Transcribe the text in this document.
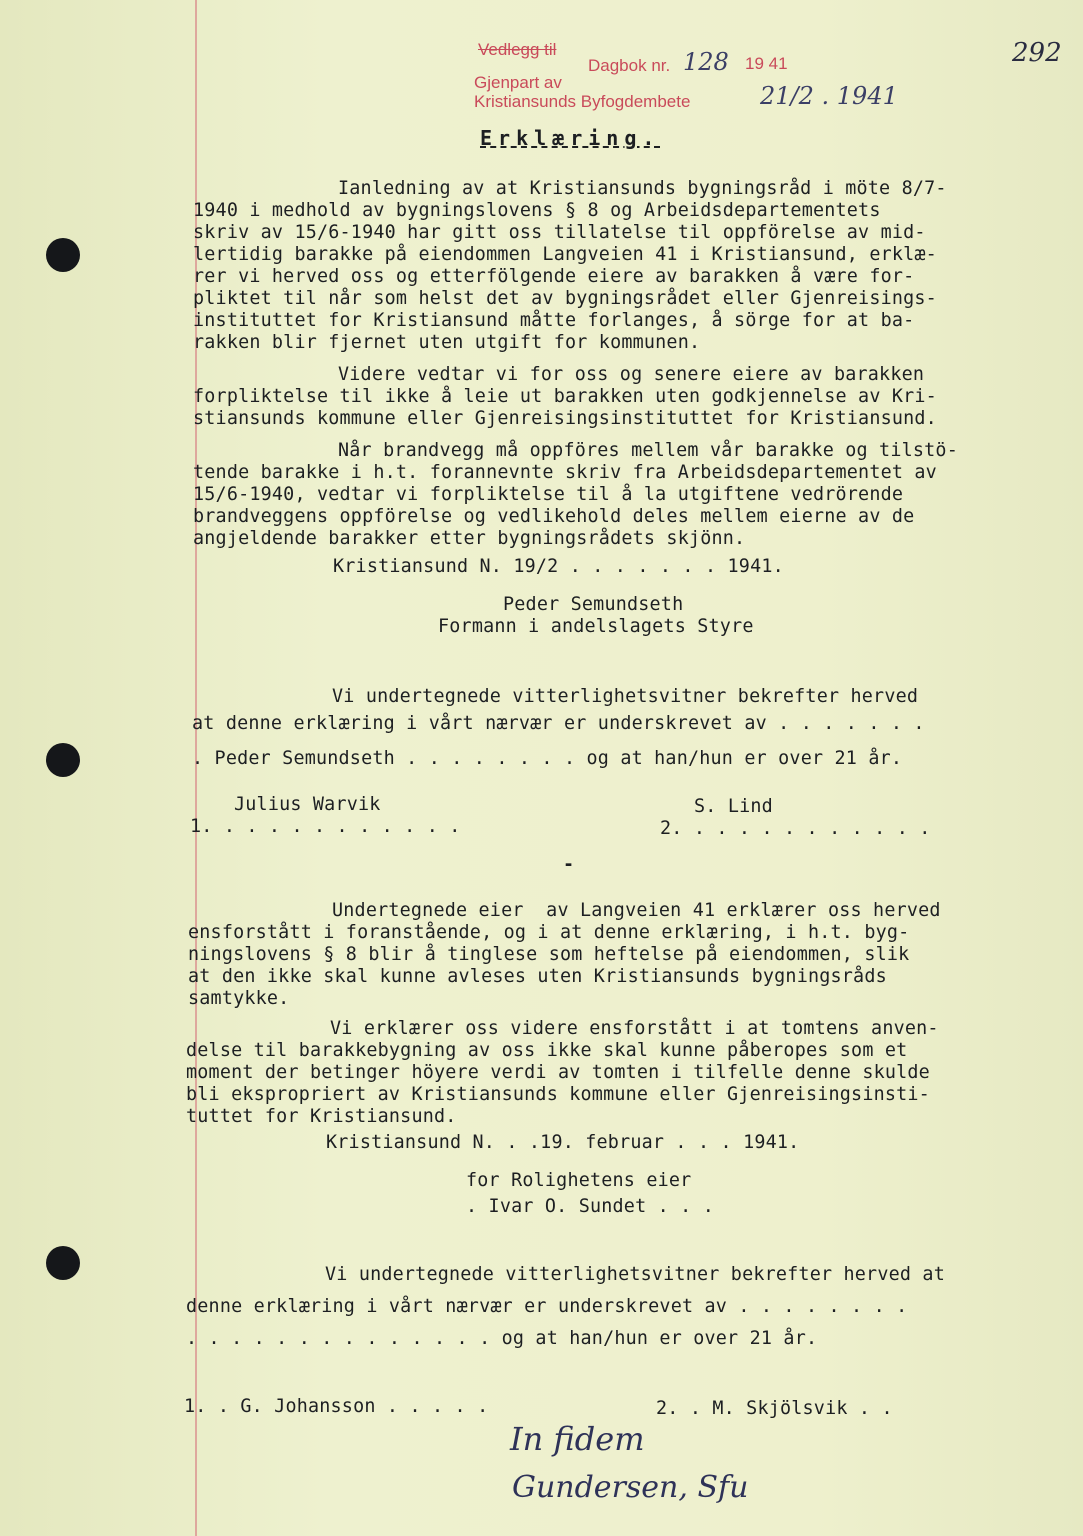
Vedlegg til
Dagbok nr. 128 19 41
Gjenpart av
Kristiansunds Byfogdembete	21/2 . 1941
292
Erklæring.
Ianledning av at Kristiansunds bygningsråd i möte 8/7-
1940 i medhold av bygningslovens § 8 og Arbeidsdepartementets
skriv av 15/6-1940 har gitt oss tillatelse til oppförelse av mid-
lertidig barakke på eiendommen Langveien 41 i Kristiansund, erklæ-
rer vi herved oss og etterfölgende eiere av barakken å være for-
pliktet til når som helst det av bygningsrådet eller Gjenreisings-
instituttet for Kristiansund måtte forlanges, å sörge for at ba-
rakken blir fjernet uten utgift for kommunen.
Videre vedtar vi for oss og senere eiere av barakken
forpliktelse til ikke å leie ut barakken uten godkjennelse av Kri-
stiansunds kommune eller Gjenreisingsinstituttet for Kristiansund.
Når brandvegg må oppföres mellem vår barakke og tilstö-
tende barakke i h.t. forannevnte skriv fra Arbeidsdepartementet av
15/6-1940, vedtar vi forpliktelse til å la utgiftene vedrörende
brandveggens oppförelse og vedlikehold deles mellem eierne av de
angjeldende barakker etter bygningsrådets skjönn.
Kristiansund N. 19/2 . . . . . . . 1941.
Peder Semundseth
Formann i andelslagets Styre
Vi undertegnede vitterlighetsvitner bekrefter herved
at denne erklæring i vårt nærvær er underskrevet av . . . . . . .
. Peder Semundseth . . . . . . . . og at han/hun er over 21 år.
Julius Warvik	S. Lind
1. . . . . . . . . . . .	2. . . . . . . . . . . .
-
Undertegnede eier  av Langveien 41 erklærer oss herved
ensforstått i foranstående, og i at denne erklæring, i h.t. byg-
ningslovens § 8 blir å tinglese som heftelse på eiendommen, slik
at den ikke skal kunne avleses uten Kristiansunds bygningsråds
samtykke.
Vi erklærer oss videre ensforstått i at tomtens anven-
delse til barakkebygning av oss ikke skal kunne påberopes som et
moment der betinger höyere verdi av tomten i tilfelle denne skulde
bli ekspropriert av Kristiansunds kommune eller Gjenreisingsinsti-
tuttet for Kristiansund.
Kristiansund N. . .19. februar . . . 1941.
for Rolighetens eier
. Ivar O. Sundet . . .
Vi undertegnede vitterlighetsvitner bekrefter herved at
denne erklæring i vårt nærvær er underskrevet av . . . . . . . .
. . . . . . . . . . . . . . og at han/hun er over 21 år.
1. . G. Johansson . . . . .	2. . M. Skjölsvik . .
In fidem
Gundersen, Sfu
